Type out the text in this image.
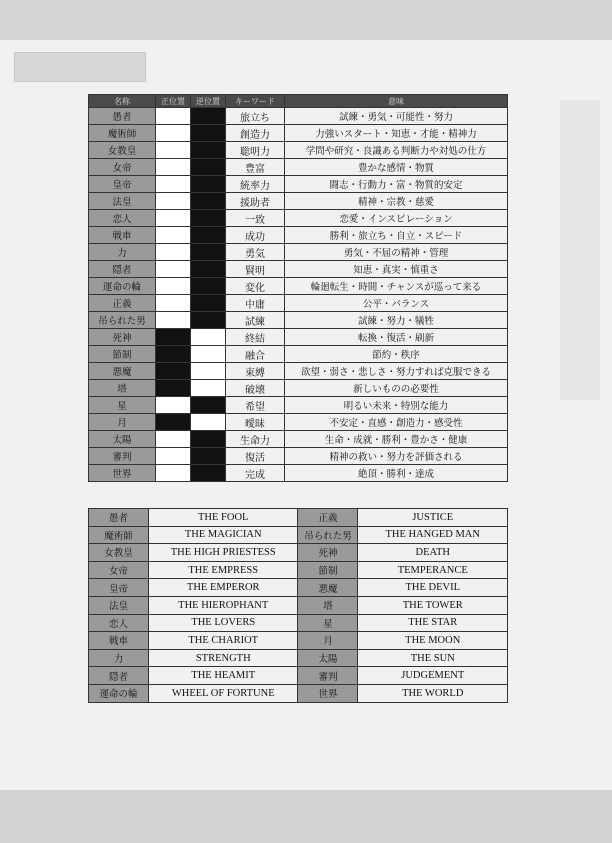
名称	正位置	逆位置	キーワード	意味
愚者			旅立ち	試練・勇気・可能性・努力
魔術師			創造力	力強いスタート・知恵・才能・精神力
女教皇			聡明力	学問や研究・良識ある判断力や対処の仕方
女帝			豊富	豊かな感情・物質
皇帝			統率力	闘志・行動力・富・物質的安定
法皇			援助者	精神・宗教・慈愛
恋人			一致	恋愛・インスピレーション
戦車			成功	勝利・旅立ち・自立・スピード
力			勇気	勇気・不屈の精神・管理
隠者			賢明	知恵・真実・慎重さ
運命の輪			変化	輪廻転生・時間・チャンスが巡って来る
正義			中庸	公平・バランス
吊られた男			試練	試練・努力・犠牲
死神			終結	転換・復活・刷新
節制			融合	節約・秩序
悪魔			束縛	欲望・弱さ・悲しさ・努力すれば克服できる
塔			破壊	新しいものの必要性
星			希望	明るい未来・特別な能力
月			曖昧	不安定・直感・創造力・感受性
太陽			生命力	生命・成就・勝利・豊かさ・健康
審判			復活	精神の救い・努力を評価される
世界			完成	絶頂・勝利・達成
愚者	THE FOOL	正義	JUSTICE
魔術師	THE MAGICIAN	吊られた男	THE HANGED MAN
女教皇	THE HIGH PRIESTESS	死神	DEATH
女帝	THE EMPRESS	節制	TEMPERANCE
皇帝	THE EMPEROR	悪魔	THE DEVIL
法皇	THE HIEROPHANT	塔	THE TOWER
恋人	THE LOVERS	星	THE STAR
戦車	THE CHARIOT	月	THE MOON
力	STRENGTH	太陽	THE SUN
隠者	THE HEAMIT	審判	JUDGEMENT
運命の輪	WHEEL OF FORTUNE	世界	THE WORLD
